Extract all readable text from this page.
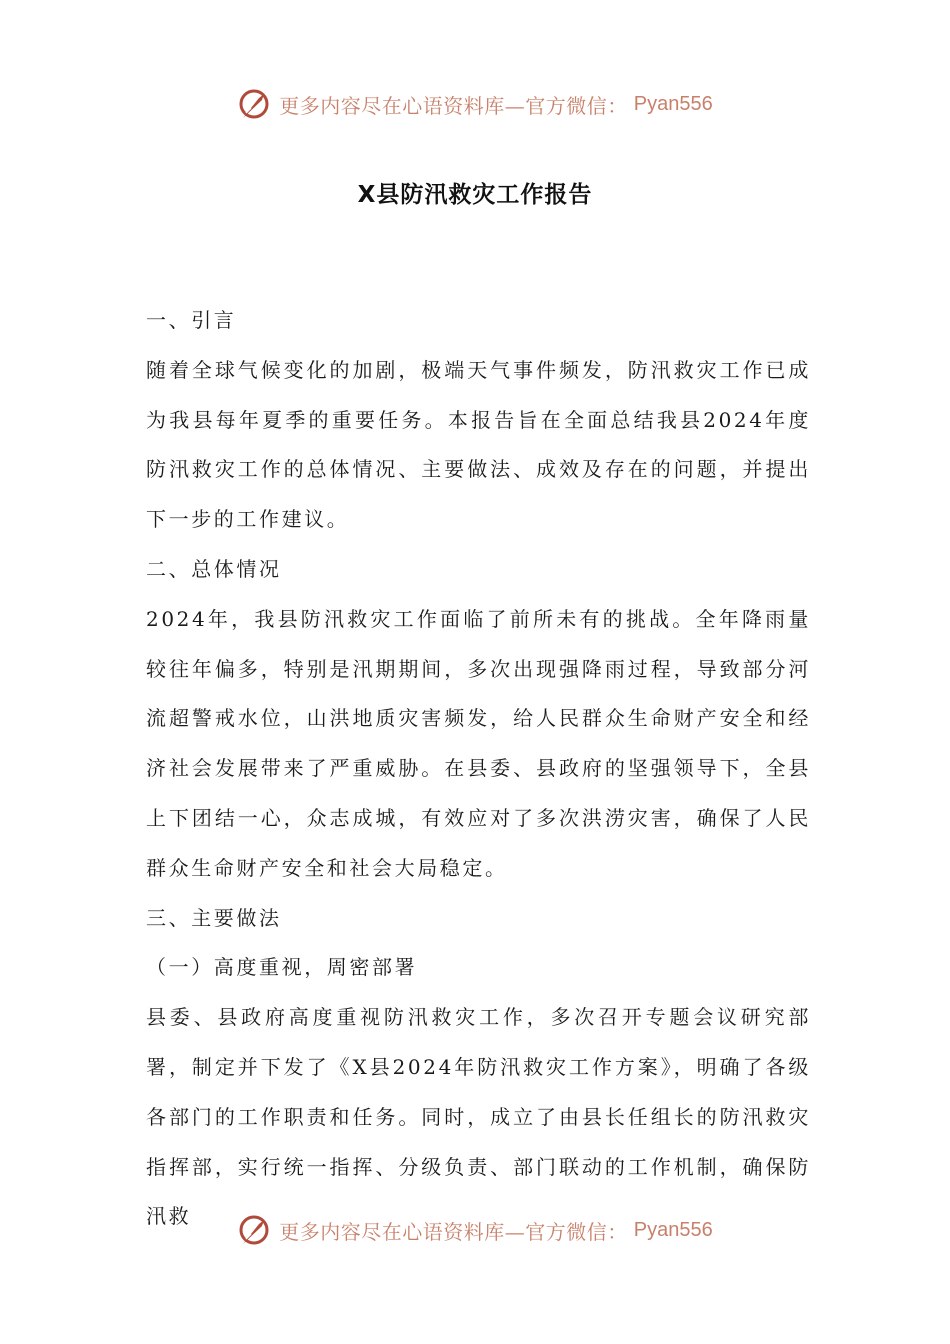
更多内容尽在心语资料库—官方微信： Pyan556
X县防汛救灾工作报告

一、引言

随着全球气候变化的加剧，极端天气事件频发，防汛救灾工作已成为我县每年夏季的重要任务。本报告旨在全面总结我县2024年度防汛救灾工作的总体情况、主要做法、成效及存在的问题，并提出下一步的工作建议。

二、总体情况

2024年，我县防汛救灾工作面临了前所未有的挑战。全年降雨量较往年偏多，特别是汛期期间，多次出现强降雨过程，导致部分河流超警戒水位，山洪地质灾害频发，给人民群众生命财产安全和经济社会发展带来了严重威胁。在县委、县政府的坚强领导下，全县上下团结一心，众志成城，有效应对了多次洪涝灾害，确保了人民群众生命财产安全和社会大局稳定。

三、主要做法

（一）高度重视，周密部署

县委、县政府高度重视防汛救灾工作，多次召开专题会议研究部署，制定并下发了《X县2024年防汛救灾工作方案》，明确了各级各部门的工作职责和任务。同时，成立了由县长任组长的防汛救灾指挥部，实行统一指挥、分级负责、部门联动的工作机制，确保防汛救

更多内容尽在心语资料库—官方微信： Pyan556
